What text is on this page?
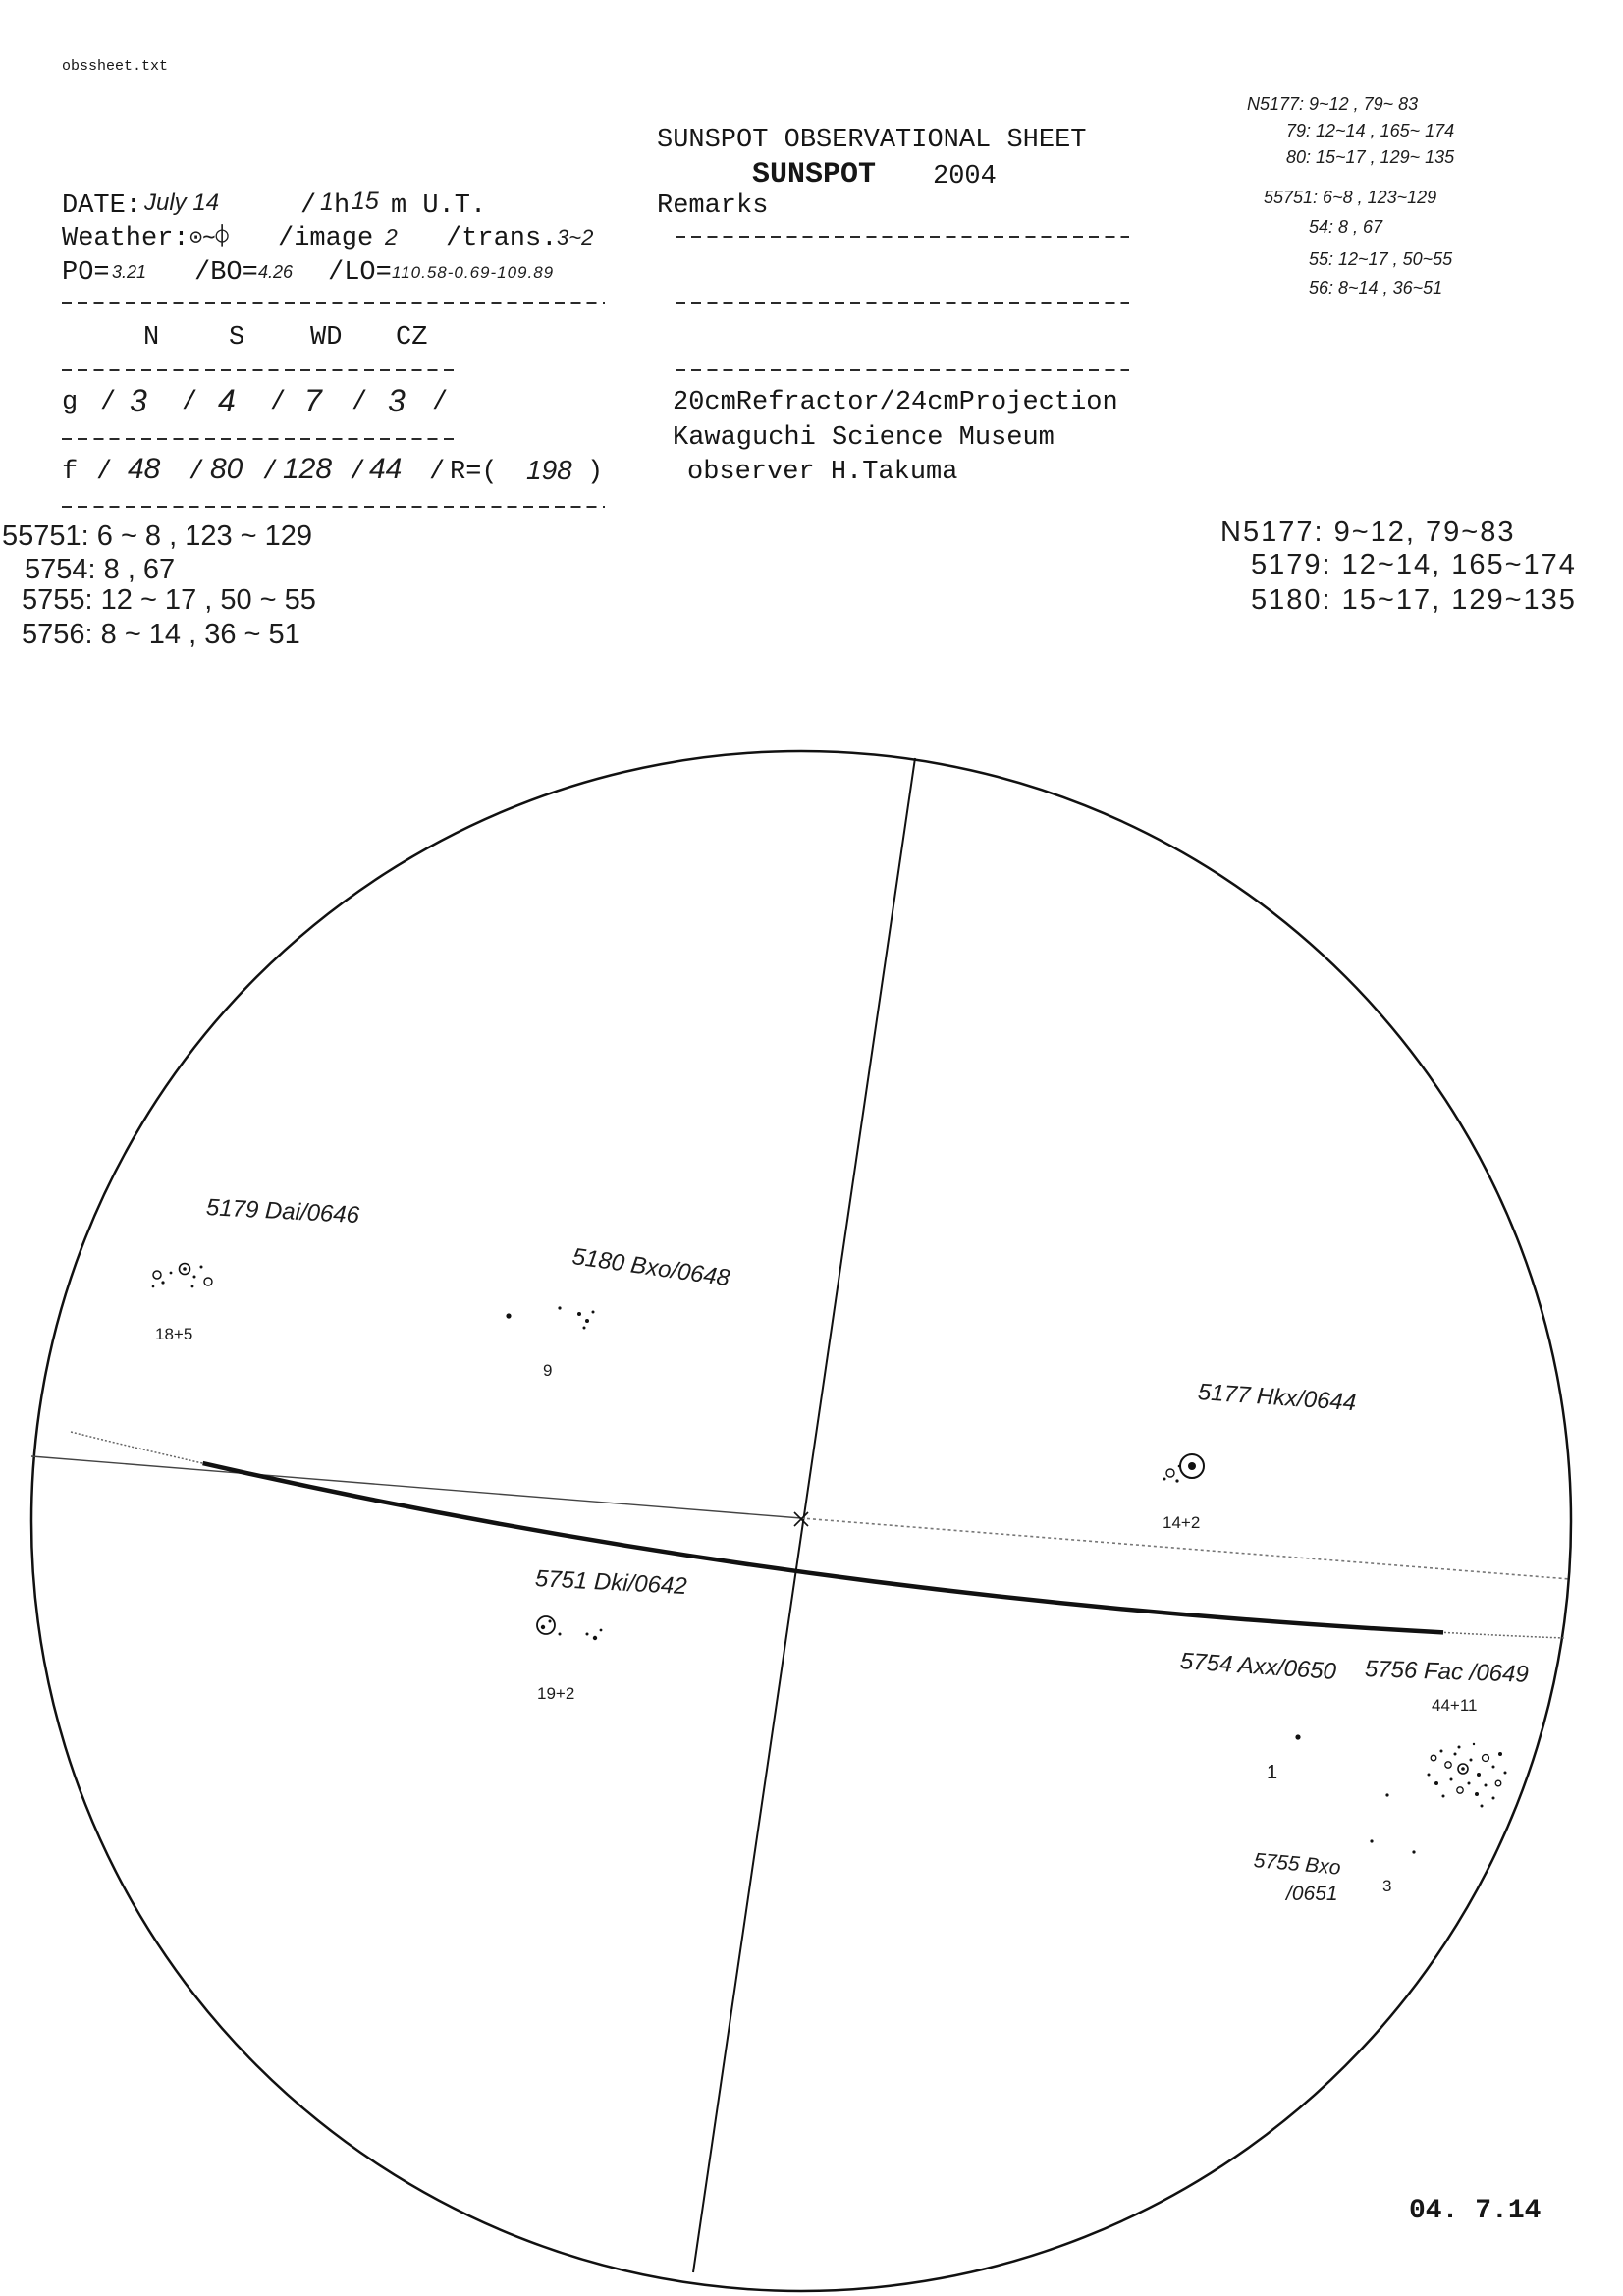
obssheet.txt
SUNSPOT OBSERVATIONAL SHEET
SUNSPOT 2004
Remarks
DATE: July 14	/ 1 h 15 m U.T.
Weather: ⊙~⌽ /image 2 /trans. 3~2
PO= 3.21 /BO= 4.26 /LO= 110.58-0.69-109.89
N	S WD CZ
g / 3 / 4 / 7 / 3 /
f / 48 / 80 / 128 / 44 / R=( 198 )
20cmRefractor/24cmProjection
Kawaguchi Science Museum
observer H.Takuma
N5177: 9~12 , 79~ 83
79: 12~14 , 165~ 174
80: 15~17 , 129~ 135
55751: 6~8 , 123~129
54: 8 , 67
55: 12~17 , 50~55
56: 8~14 , 36~51
55751: 6 ~ 8 , 123 ~ 129
5754: 8 , 67
5755: 12 ~ 17 , 50 ~ 55
5756: 8 ~ 14 , 36 ~ 51
N5177: 9~12, 79~83
5179: 12~14, 165~174
5180: 15~17, 129~135
5179 Dai/0646
18+5
5180 Bxo/0648
9
5177 Hkx/0644
14+2
5751 Dki/0642
19+2
5754 Axx/0650
1
5756 Fac /0649
44+11
5755 Bxo
/0651	3
04. 7.14
